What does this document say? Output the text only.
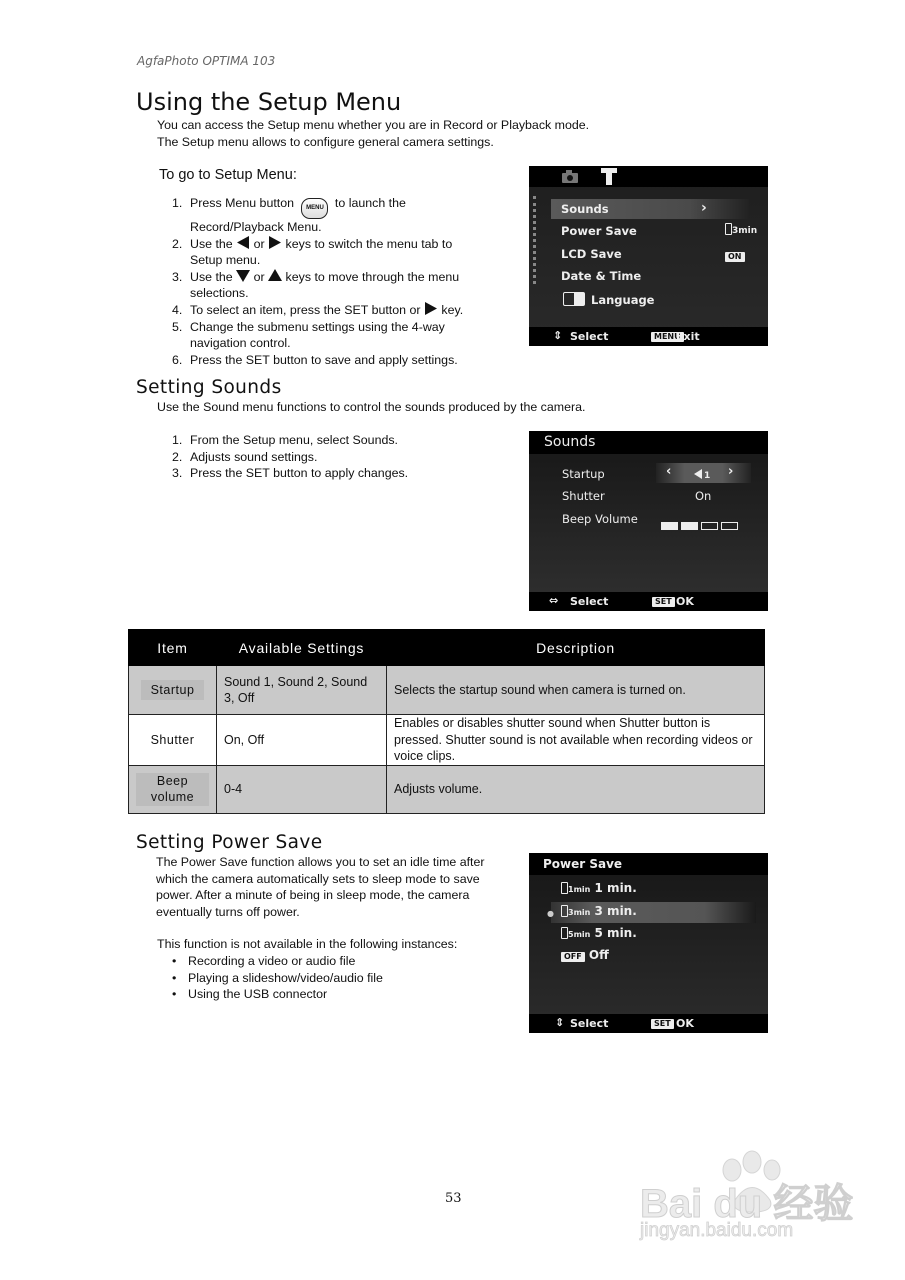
AgfaPhoto OPTIMA 103
Using the Setup Menu
You can access the Setup menu whether you are in Record or Playback mode.
The Setup menu allows to configure general camera settings.
To go to Setup Menu:
1. Press Menu button MENU to launch the
Record/Playback Menu.
2. Use the or keys to switch the menu tab to
Setup menu.
3. Use the or keys to move through the menu
selections.
4. To select an item, press the SET button or key.
5. Change the submenu settings using the 4-way
navigation control.
6. Press the SET button to save and apply settings.
Sounds	›
Power Save	3min
LCD Save	ON
Date & Time
Language
⇕ Select	MENU
Exit
Setting Sounds
Use the Sound menu functions to control the sounds produced by the camera.
1. From the Setup menu, select Sounds.
2. Adjusts sound settings.
3. Press the SET button to apply changes.
Sounds
Startup	‹	1 ›
Shutter	On
Beep Volume
⇔ Select	SET OK
Item	Available Settings	Description
Startup	Sound 1, Sound 2, Sound 3, Off	Selects the startup sound when camera is turned on.
Shutter	On, Off	Enables or disables shutter sound when Shutter button is pressed. Shutter sound is not available when recording videos or voice clips.
Beep volume	0-4	Adjusts volume.
Setting Power Save
The Power Save function allows you to set an idle time after
which the camera automatically sets to sleep mode to save
power. After a minute of being in sleep mode, the camera
eventually turns off power.
This function is not available in the following instances:
• Recording a video or audio file
• Playing a slideshow/video/audio file
• Using the USB connector
Power Save
●
1min 1 min.
3min 3 min.
5min 5 min.
OFF Off
⇕ Select	SET OK
53	Bai du 经验
jingyan.baidu.com
